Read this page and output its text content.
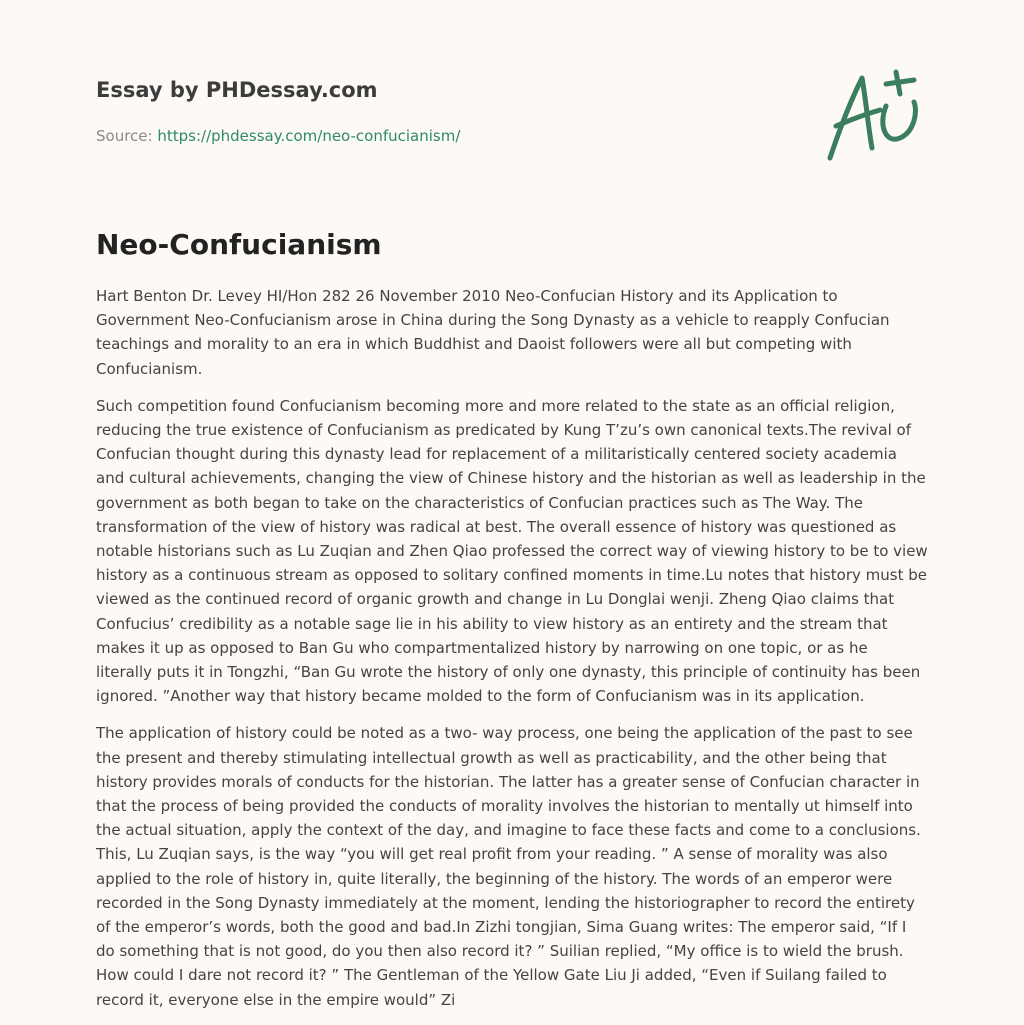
Essay by PHDessay.com
Source: https://phdessay.com/neo-confucianism/
Neo-Confucianism

Hart Benton Dr. Levey HI/Hon 282 26 November 2010 Neo-Confucian History and its Application to Government Neo-Confucianism arose in China during the Song Dynasty as a vehicle to reapply Confucian teachings and morality to an era in which Buddhist and Daoist followers were all but competing with Confucianism.

Such competition found Confucianism becoming more and more related to the state as an official religion, reducing the true existence of Confucianism as predicated by Kung T’zu’s own canonical texts.The revival of Confucian thought during this dynasty lead for replacement of a militaristically centered society academia and cultural achievements, changing the view of Chinese history and the historian as well as leadership in the government as both began to take on the characteristics of Confucian practices such as The Way. The transformation of the view of history was radical at best. The overall essence of history was questioned as notable historians such as Lu Zuqian and Zhen Qiao professed the correct way of viewing history to be to view history as a continuous stream as opposed to solitary confined moments in time.Lu notes that history must be viewed as the continued record of organic growth and change in Lu Donglai wenji. Zheng Qiao claims that Confucius’ credibility as a notable sage lie in his ability to view history as an entirety and the stream that makes it up as opposed to Ban Gu who compartmentalized history by narrowing on one topic, or as he literally puts it in Tongzhi, “Ban Gu wrote the history of only one dynasty, this principle of continuity has been ignored. ”Another way that history became molded to the form of Confucianism was in its application.

The application of history could be noted as a two- way process, one being the application of the past to see the present and thereby stimulating intellectual growth as well as practicability, and the other being that history provides morals of conducts for the historian. The latter has a greater sense of Confucian character in that the process of being provided the conducts of morality involves the historian to mentally ut himself into the actual situation, apply the context of the day, and imagine to face these facts and come to a conclusions. This, Lu Zuqian says, is the way “you will get real profit from your reading. ” A sense of morality was also applied to the role of history in, quite literally, the beginning of the history. The words of an emperor were recorded in the Song Dynasty immediately at the moment, lending the historiographer to record the entirety of the emperor’s words, both the good and bad.In Zizhi tongjian, Sima Guang writes: The emperor said, “If I do something that is not good, do you then also record it? ” Suilian replied, “My office is to wield the brush. How could I dare not record it? ” The Gentleman of the Yellow Gate Liu Ji added, “Even if Suilang failed to record it, everyone else in the empire would” Zi
